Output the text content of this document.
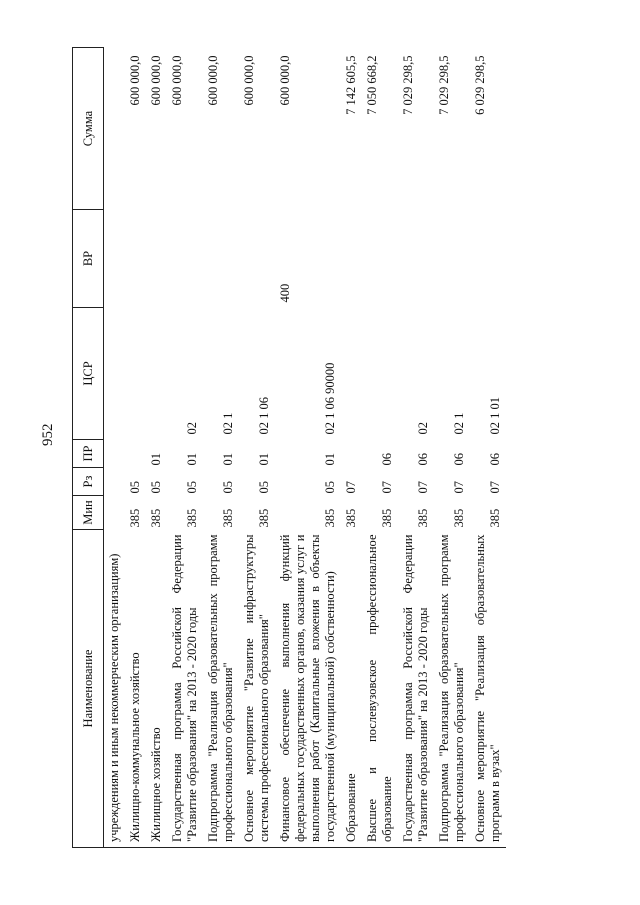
952
Наименование	Мин	Рз	ПР	ЦСР	ВР	Сумма
учреждениям и иным некоммерческим организациям)						
Жилищно-коммунальное хозяйство	385	05				600 000,0
Жилищное хозяйство	385	05	01			600 000,0
Государственная программа Российской Федерации "Развитие образования" на 2013 - 2020 годы	385	05	01	02		600 000,0
Подпрограмма "Реализация образовательных программ профессионального образования"	385	05	01	02 1		600 000,0
Основное мероприятие "Развитие инфраструктуры системы профессионального образования"	385	05	01	02 1 06		600 000,0
Финансовое обеспечение выполнения функций федеральных государственных органов, оказания услуг и выполнения работ (Капитальные вложения в объекты государственной (муниципальной) собственности)	385	05	01	02 1 06 90000	400	600 000,0
Образование	385	07				7 142 605,5
Высшее и послевузовское профессиональное образование	385	07	06			7 050 668,2
Государственная программа Российской Федерации "Развитие образования" на 2013 - 2020 годы	385	07	06	02		7 029 298,5
Подпрограмма "Реализация образовательных программ профессионального образования"	385	07	06	02 1		7 029 298,5
Основное мероприятие "Реализация образовательных программ в вузах"	385	07	06	02 1 01		6 029 298,5
